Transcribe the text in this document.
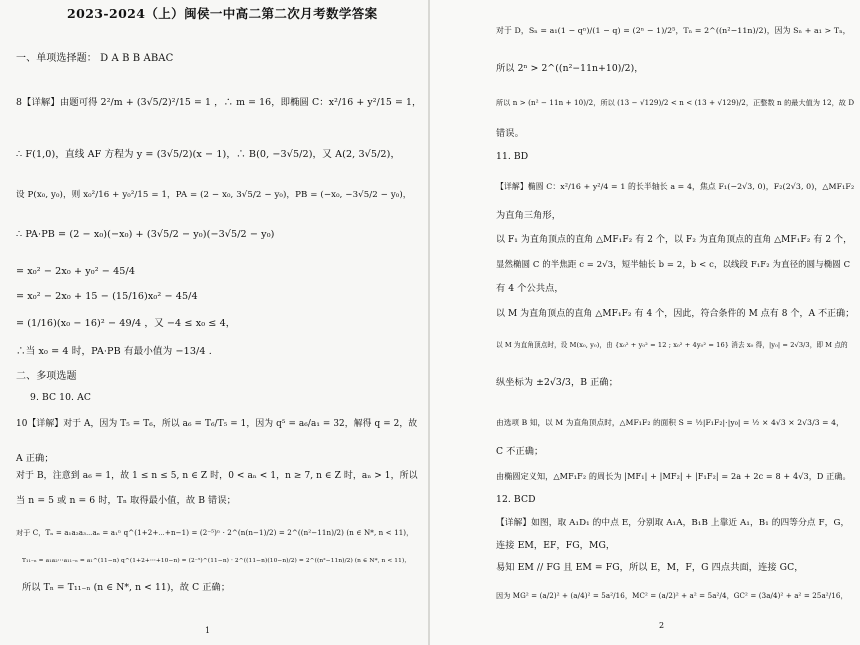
2023-2024（上）闽侯一中高二第二次月考数学答案
一、单项选择题： D A B B ABAC
8【详解】由题可得 2²/m + (3√5/2)²/15 = 1 ，∴ m = 16，即椭圆 C：x²/16 + y²/15 = 1，
∴ F(1,0)，直线 AF 方程为 y = (3√5/2)(x − 1)，∴ B(0, −3√5/2)，又 A(2, 3√5/2)，
设 P(x₀, y₀)，则 x₀²/16 + y₀²/15 = 1，PA = (2 − x₀, 3√5/2 − y₀)，PB = (−x₀, −3√5/2 − y₀)，
∴ PA·PB = (2 − x₀)(−x₀) + (3√5/2 − y₀)(−3√5/2 − y₀)
= x₀² − 2x₀ + y₀² − 45/4
= x₀² − 2x₀ + 15 − (15/16)x₀² − 45/4
= (1/16)(x₀ − 16)² − 49/4 ，又 −4 ≤ x₀ ≤ 4，
∴当 x₀ = 4 时，PA·PB 有最小值为 −13/4 .
二、多项选题
9. BC 10. AC
10【详解】对于 A，因为 T₅ = T₆，所以 a₆ = T₆/T₅ = 1，因为 q⁵ = a₆/a₁ = 32，解得 q = 2，故
A 正确；
对于 B，注意到 a₆ = 1，故 1 ≤ n ≤ 5, n ∈ Z 时，0 < aₙ < 1，n ≥ 7, n ∈ Z 时，aₙ > 1，所以
当 n = 5 或 n = 6 时，Tₙ 取得最小值，故 B 错误；
对于 C，Tₙ = a₁a₂a₃⋯aₙ = a₁ⁿ q^(1+2+⋯+n−1) = (2⁻⁵)ⁿ · 2^(n(n−1)/2) = 2^((n²−11n)/2) (n ∈ N*, n < 11)，
T₁₁₋ₙ = a₁a₂⋯a₁₁₋ₙ = a₁^(11−n) q^(1+2+⋯+10−n) = (2⁻⁵)^(11−n) · 2^((11−n)(10−n)/2) = 2^((n²−11n)/2) (n ∈ N*, n < 11)，
所以 Tₙ = T₁₁₋ₙ (n ∈ N*, n < 11)，故 C 正确；
1
对于 D，Sₙ = a₁(1 − qⁿ)/(1 − q) = (2ⁿ − 1)/2⁵，Tₙ = 2^((n²−11n)/2)，因为 Sₙ + a₁ > Tₙ，
所以 2ⁿ > 2^((n²−11n+10)/2)，
所以 n > (n² − 11n + 10)/2，所以 (13 − √129)/2 < n < (13 + √129)/2，正整数 n 的最大值为 12，故 D
错误。
11. BD
【详解】椭圆 C：x²/16 + y²/4 = 1 的长半轴长 a = 4，焦点 F₁(−2√3, 0)，F₂(2√3, 0)，△MF₁F₂
为直角三角形，
以 F₁ 为直角顶点的直角 △MF₁F₂ 有 2 个，以 F₂ 为直角顶点的直角 △MF₁F₂ 有 2 个，
显然椭圆 C 的半焦距 c = 2√3，短半轴长 b = 2，b < c，以线段 F₁F₂ 为直径的圆与椭圆 C
有 4 个公共点，
以 M 为直角顶点的直角 △MF₁F₂ 有 4 个，因此，符合条件的 M 点有 8 个，A 不正确；
以 M 为直角顶点时，设 M(x₀, y₀)，由 {x₀² + y₀² = 12 ; x₀² + 4y₀² = 16} 消去 x₀ 得，|y₀| = 2√3/3，即 M 点的
纵坐标为 ±2√3/3，B 正确；
由选项 B 知，以 M 为直角顶点时，△MF₁F₂ 的面积 S = ½|F₁F₂|·|y₀| = ½ × 4√3 × 2√3/3 = 4，
C 不正确；
由椭圆定义知，△MF₁F₂ 的周长为 |MF₁| + |MF₂| + |F₁F₂| = 2a + 2c = 8 + 4√3，D 正确。
12. BCD
【详解】如图，取 A₁D₁ 的中点 E，分别取 A₁A，B₁B 上靠近 A₁，B₁ 的四等分点 F，G，
连接 EM，EF，FG，MG，
易知 EM // FG 且 EM = FG，所以 E，M，F，G 四点共面，连接 GC，
因为 MG² = (a/2)² + (a/4)² = 5a²/16，MC² = (a/2)² + a² = 5a²/4，GC² = (3a/4)² + a² = 25a²/16，
2
